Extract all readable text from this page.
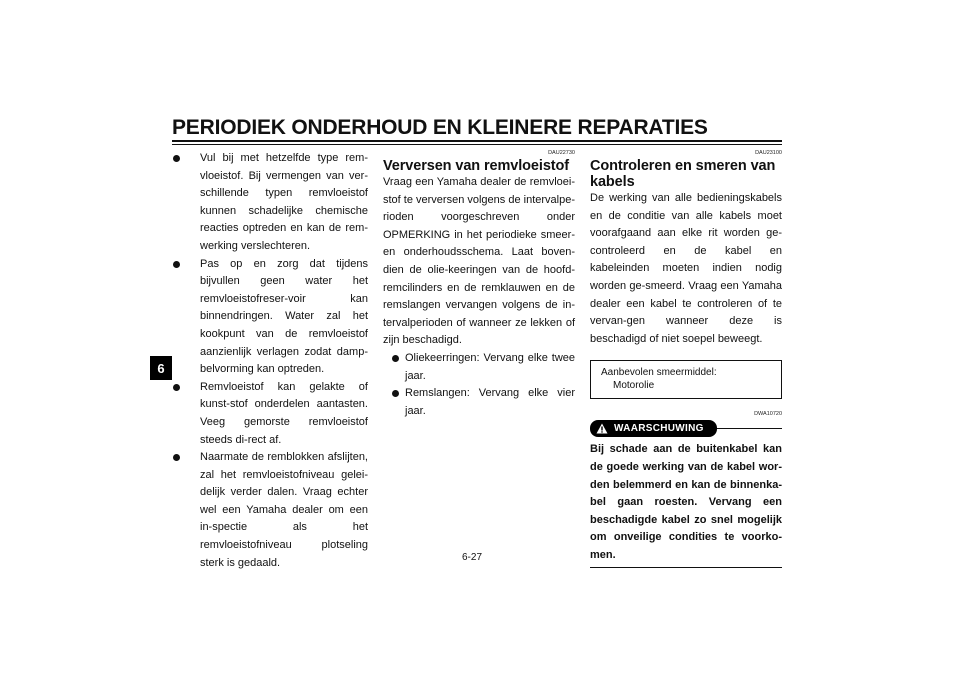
PERIODIEK ONDERHOUD EN KLEINERE REPARATIES
6
Vul bij met hetzelfde type rem-vloeistof. Bij vermengen van ver-schillende typen remvloeistof kunnen schadelijke chemische reacties optreden en kan de rem-werking verslechteren.
Pas op en zorg dat tijdens bijvullen geen water het remvloeistofreser-voir kan binnendringen. Water zal het kookpunt van de remvloeistof aanzienlijk verlagen zodat damp-belvorming kan optreden.
Remvloeistof kan gelakte of kunst-stof onderdelen aantasten. Veeg gemorste remvloeistof steeds di-rect af.
Naarmate de remblokken afslijten, zal het remvloeistofniveau gelei-delijk verder dalen. Vraag echter wel een Yamaha dealer om een in-spectie als het remvloeistofniveau plotseling sterk is gedaald.
DAU22730
Verversen van remvloeistof
Vraag een Yamaha dealer de remvloei-stof te verversen volgens de intervalpe-rioden voorgeschreven onder OPMERKING in het periodieke smeer-en onderhoudsschema. Laat boven-dien de olie-keeringen van de hoofd-remcilinders en de remklauwen en de remslangen vervangen volgens de in-tervalperioden of wanneer ze lekken of zijn beschadigd.
Oliekeerringen: Vervang elke twee jaar.
Remslangen: Vervang elke vier jaar.
DAU23100
Controleren en smeren van kabels
De werking van alle bedieningskabels en de conditie van alle kabels moet voorafgaand aan elke rit worden ge-controleerd en de kabel en kabeleinden moeten indien nodig worden ge-smeerd. Vraag een Yamaha dealer een kabel te controleren of te vervan-gen wanneer deze is beschadigd of niet soepel beweegt.
Aanbevolen smeermiddel:
Motorolie
DWA10720
WAARSCHUWING
Bij schade aan de buitenkabel kan de goede werking van de kabel wor-den belemmerd en kan de binnenka-bel gaan roesten. Vervang een beschadigde kabel zo snel mogelijk om onveilige condities te voorko-men.
6-27
